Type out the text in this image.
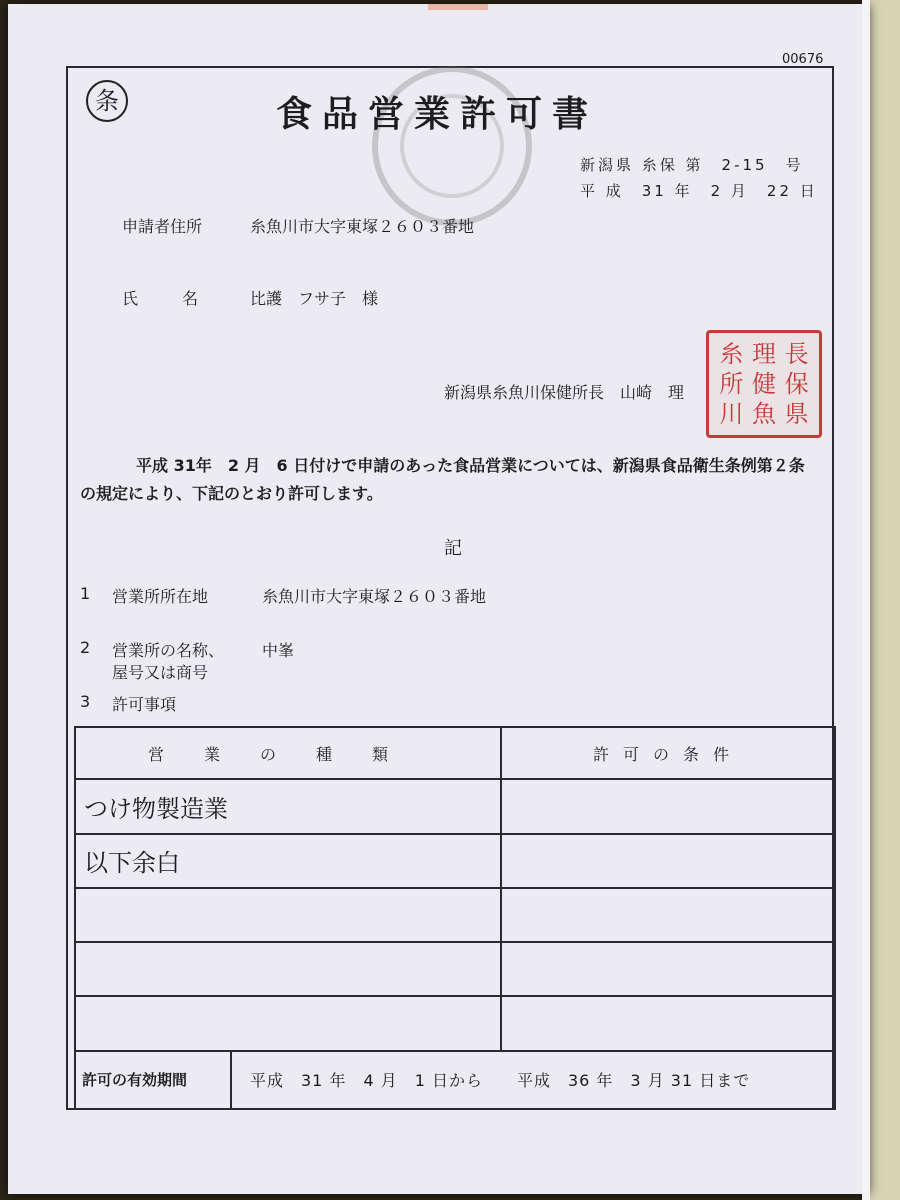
00676
条	食品営業許可書
新潟県 糸保 第　2-15　号
平 成　31 年　2 月　22 日
申請者住所	糸魚川市大字東塚２６０３番地
氏名 比護　フサ子　様
新潟県糸魚川保健所長　山崎　理
糸 理 長
所 健 保
川 魚 県
平成 31年　2 月　6 日付けで申請のあった食品営業については、新潟県食品衛生条例第２条の規定により、下記のとおり許可します。
記
1 営業所所在地	糸魚川市大字東塚２６０３番地
2 営業所の名称、
屋号又は商号
中峯
3 許可事項
営業の種類	許可の条件
つけ物製造業	
以下余白	

許可の有効期間 平成　31 年　4 月　1 日から　　平成　36 年　3 月 31 日まで	
